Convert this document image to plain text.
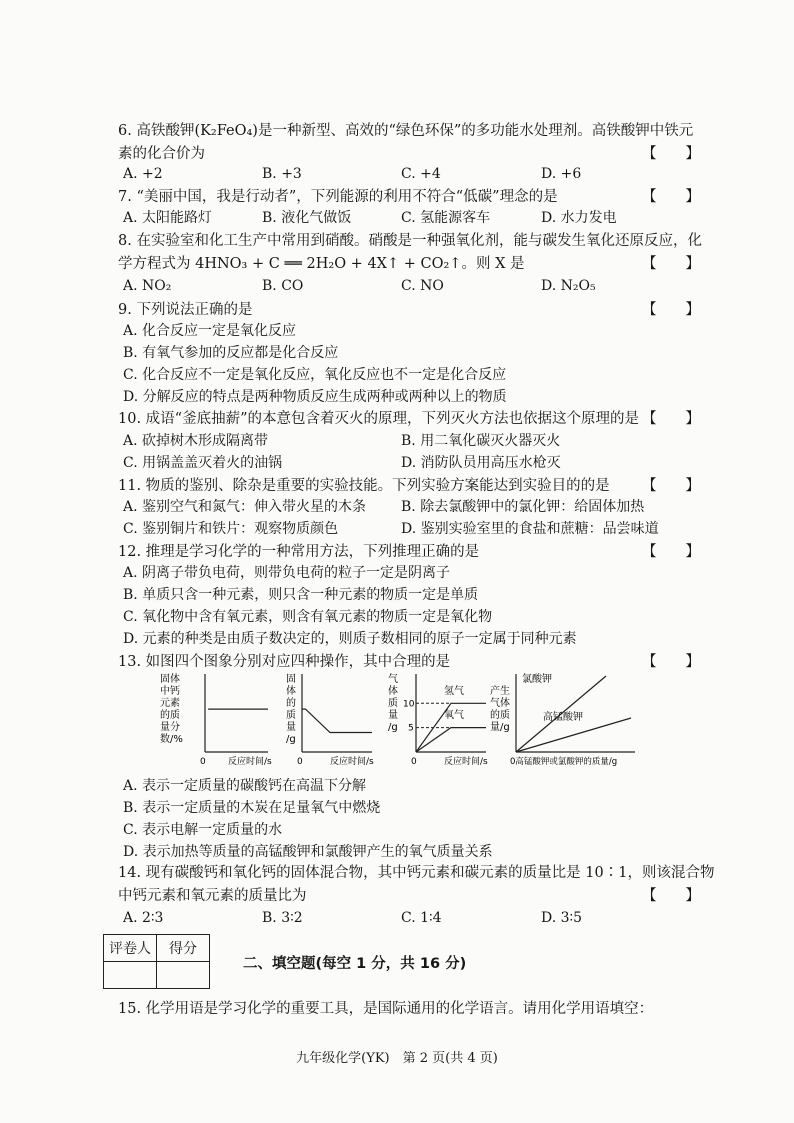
6. 高铁酸钾(K₂FeO₄)是一种新型、高效的“绿色环保”的多功能水处理剂。高铁酸钾中铁元
素的化合价为	【　　】
A. +2	B. +3	C. +4	D. +6
7. “美丽中国，我是行动者”，下列能源的利用不符合“低碳”理念的是	【　　】
A. 太阳能路灯	B. 液化气做饭	C. 氢能源客车	D. 水力发电
8. 在实验室和化工生产中常用到硝酸。硝酸是一种强氧化剂，能与碳发生氧化还原反应，化
学方程式为 4HNO₃ + C ══ 2H₂O + 4X↑ + CO₂↑。则 X 是	【　　】
A. NO₂	B. CO	C. NO	D. N₂O₅
9. 下列说法正确的是	【　　】
A. 化合反应一定是氧化反应
B. 有氧气参加的反应都是化合反应
C. 化合反应不一定是氧化反应，氧化反应也不一定是化合反应
D. 分解反应的特点是两种物质反应生成两种或两种以上的物质
10. 成语“釜底抽薪”的本意包含着灭火的原理，下列灭火方法也依据这个原理的是 【　　】
A. 砍掉树木形成隔离带	B. 用二氧化碳灭火器灭火
C. 用锅盖盖灭着火的油锅	D. 消防队员用高压水枪灭
11. 物质的鉴别、除杂是重要的实验技能。下列实验方案能达到实验目的的是 【　　】
A. 鉴别空气和氮气：伸入带火星的木条 B. 除去氯酸钾中的氯化钾：给固体加热
C. 鉴别铜片和铁片：观察物质颜色	D. 鉴别实验室里的食盐和蔗糖：品尝味道
12. 推理是学习化学的一种常用方法，下列推理正确的是	【　　】
A. 阴离子带负电荷，则带负电荷的粒子一定是阴离子
B. 单质只含一种元素，则只含一种元素的物质一定是单质
C. 氧化物中含有氧元素，则含有氧元素的物质一定是氧化物
D. 元素的种类是由质子数决定的，则质子数相同的原子一定属于同种元素
13. 如图四个图象分别对应四种操作，其中合理的是	【　　】
固体
中钙
元素
的质
量分
数/%
0 反应时间/s
固
体
的
质
量
/g
0	反应时间/s
气
体
质
量
/g
10
5
氢气
氧气
0	反应时间/s
产生
气体
的质
量/g
氯酸钾
高锰酸钾
0高锰酸钾或氯酸钾的质量/g
A. 表示一定质量的碳酸钙在高温下分解
B. 表示一定质量的木炭在足量氧气中燃烧
C. 表示电解一定质量的水
D. 表示加热等质量的高锰酸钾和氯酸钾产生的氧气质量关系
14. 现有碳酸钙和氧化钙的固体混合物，其中钙元素和碳元素的质量比是 10∶1，则该混合物
中钙元素和氧元素的质量比为	【　　】
A. 2∶3	B. 3∶2	C. 1∶4	D. 3∶5
评卷人	得分

二、填空题(每空 1 分，共 16 分)
15. 化学用语是学习化学的重要工具，是国际通用的化学语言。请用化学用语填空：
九年级化学(YK)　第 2 页(共 4 页)
